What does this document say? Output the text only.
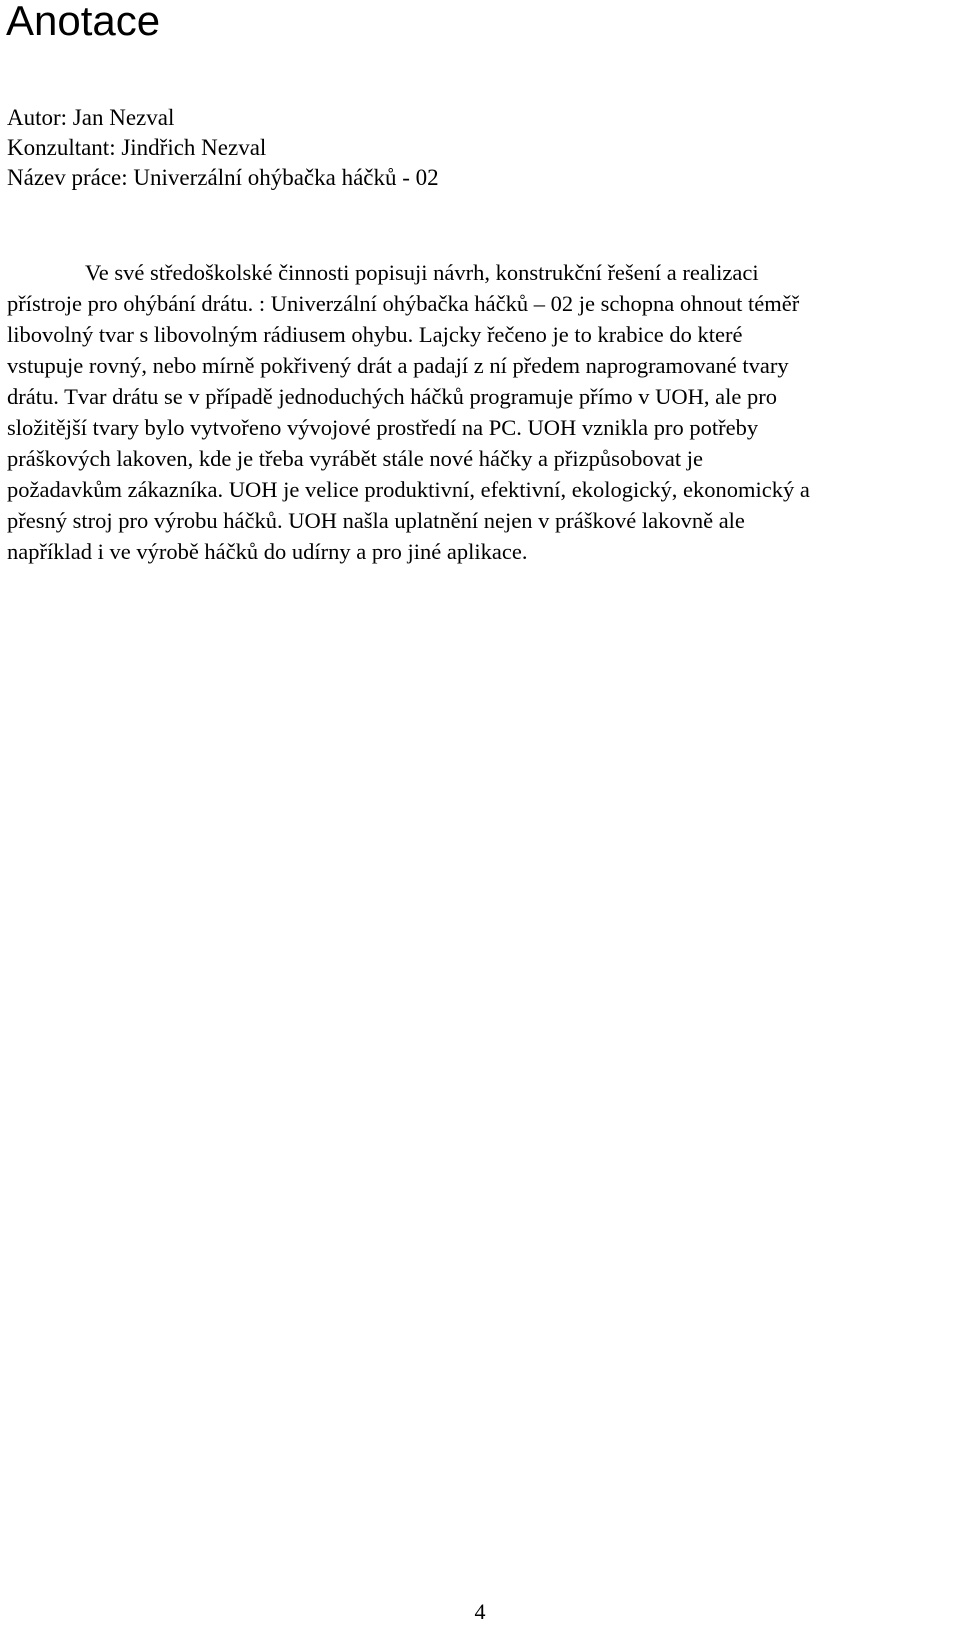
Anotace
Autor: Jan Nezval
Konzultant: Jindřich Nezval
Název práce: Univerzální ohýbačka háčků - 02
Ve své středoškolské činnosti popisuji návrh, konstrukční řešení a realizaci
přístroje pro ohýbání drátu. : Univerzální ohýbačka háčků – 02 je schopna ohnout téměř
libovolný tvar s libovolným rádiusem ohybu. Lajcky řečeno je to krabice do které
vstupuje rovný, nebo mírně pokřivený drát a padají z ní předem naprogramované tvary
drátu. Tvar drátu se v případě jednoduchých háčků programuje přímo v UOH, ale pro
složitější tvary bylo vytvořeno vývojové prostředí na PC. UOH vznikla pro potřeby
práškových lakoven, kde je třeba vyrábět stále nové háčky a přizpůsobovat je
požadavkům zákazníka. UOH je velice produktivní, efektivní, ekologický, ekonomický a
přesný stroj pro výrobu háčků. UOH našla uplatnění nejen v práškové lakovně ale
například i ve výrobě háčků do udírny a pro jiné aplikace.
4
